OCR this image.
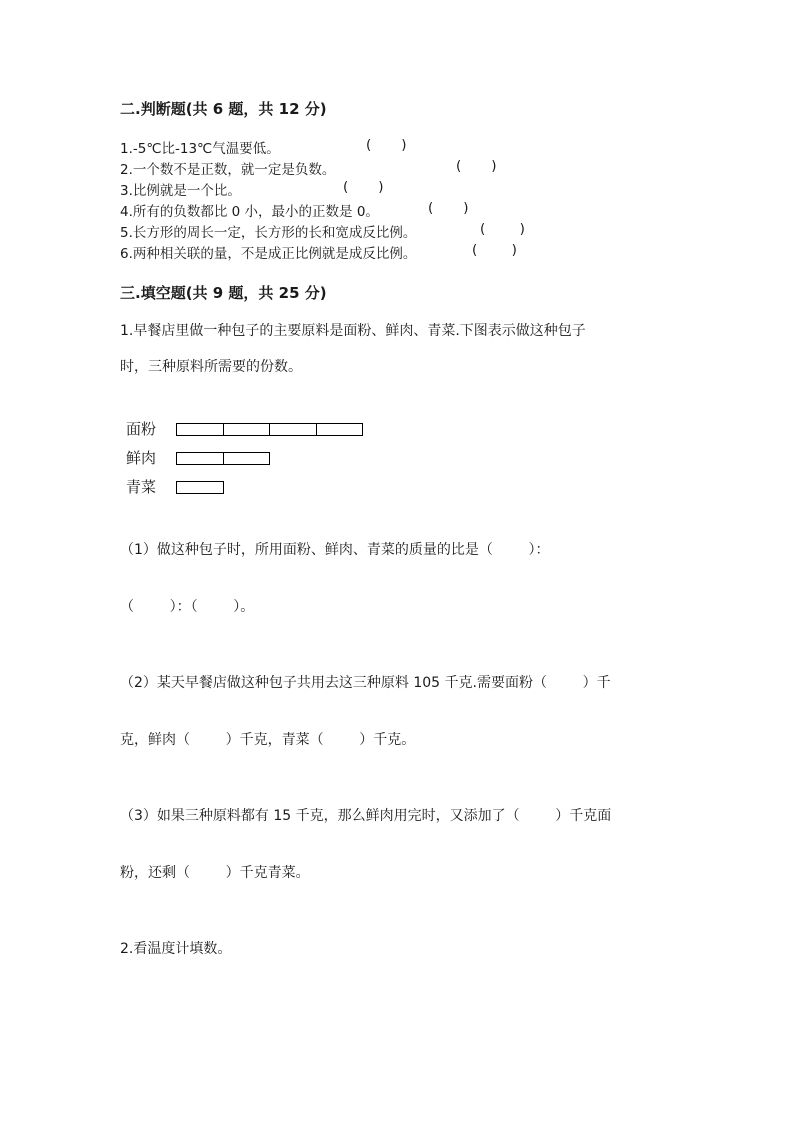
二.判断题(共 6 题，共 12 分)
1.-5℃比-13℃气温要低。	(       )
2.一个数不是正数，就一定是负数。	(       )
3.比例就是一个比。	(       )
4.所有的负数都比 0 小，最小的正数是 0。	(       )
5.长方形的周长一定，长方形的长和宽成反比例。	(        )
6.两种相关联的量，不是成正比例就是成反比例。	(        )
三.填空题(共 9 题，共 25 分)
1.早餐店里做一种包子的主要原料是面粉、鲜肉、青菜.下图表示做这种包子
时，三种原料所需要的份数。
面粉
鲜肉
青菜
（1）做这种包子时，所用面粉、鲜肉、青菜的质量的比是（        ）：
（        ）：（        ）。
（2）某天早餐店做这种包子共用去这三种原料 105 千克.需要面粉（        ）千
克，鲜肉（        ）千克，青菜（        ）千克。
（3）如果三种原料都有 15 千克，那么鲜肉用完时，又添加了（        ）千克面
粉，还剩（        ）千克青菜。
2.看温度计填数。
